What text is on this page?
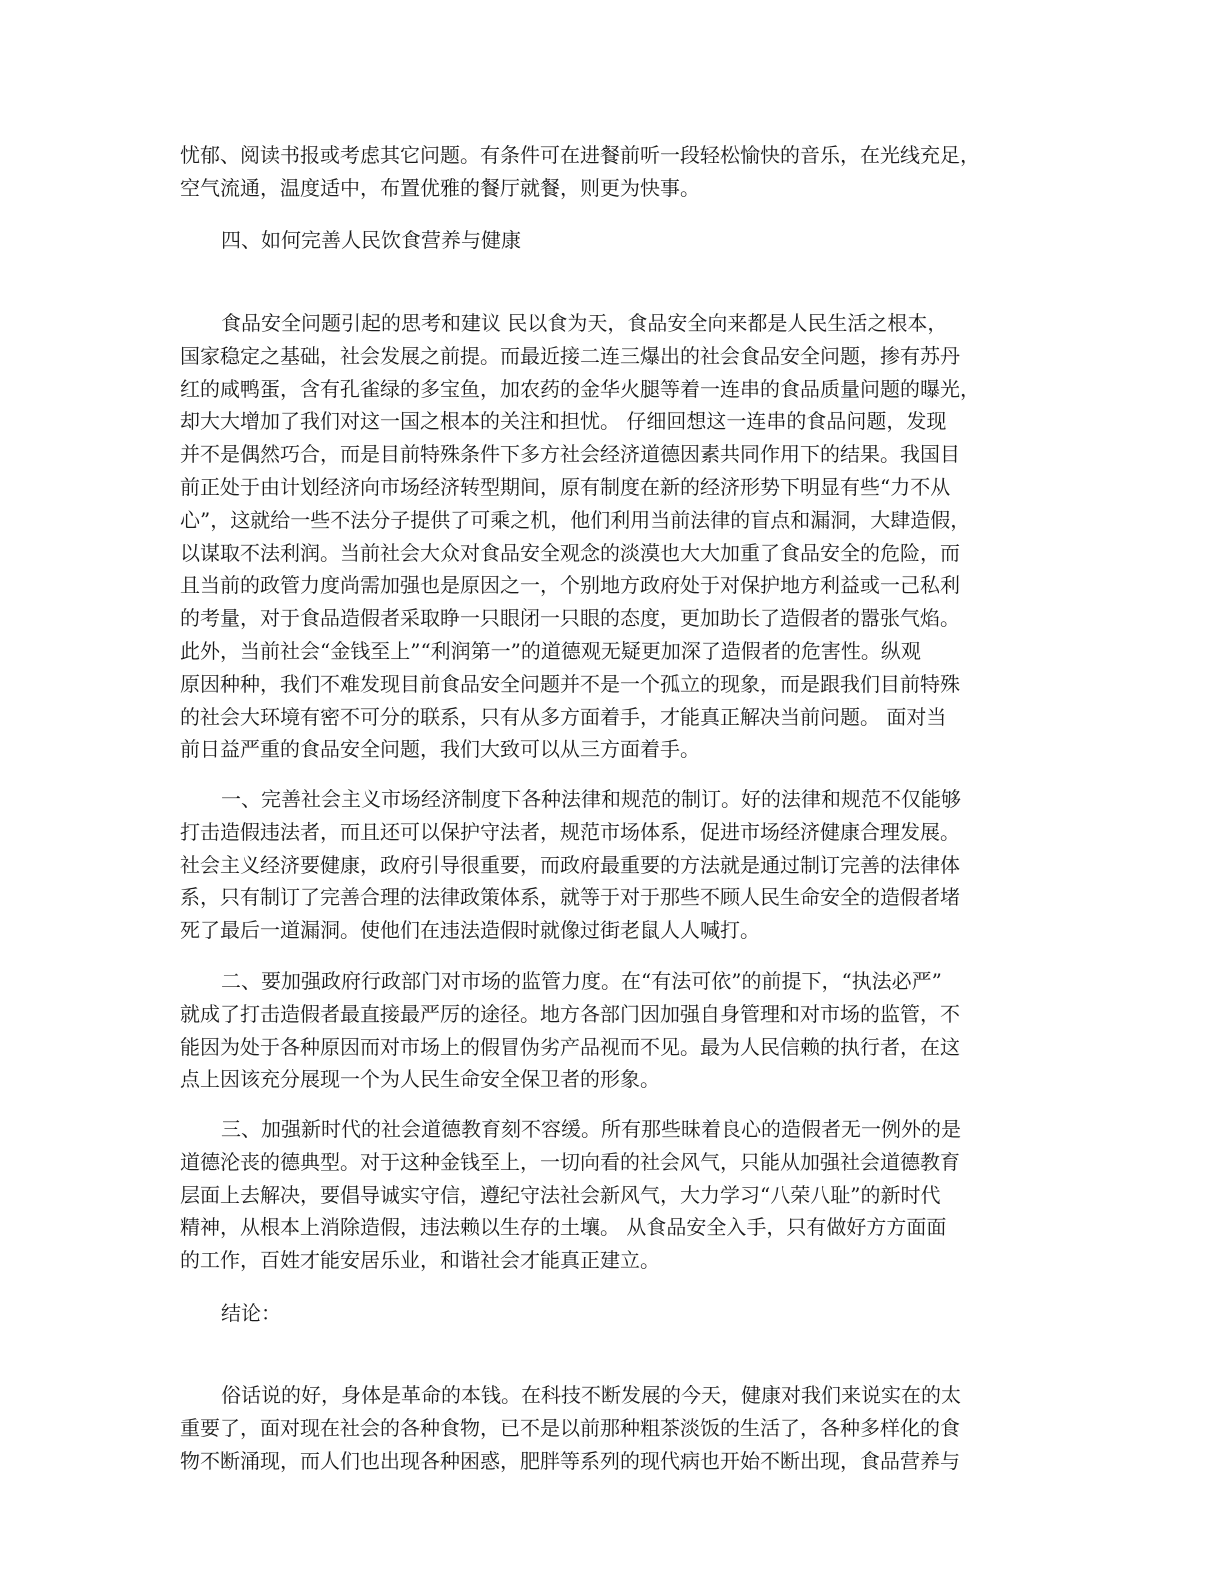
忧郁、阅读书报或考虑其它问题。有条件可在进餐前听一段轻松愉快的音乐，在光线充足，
空气流通，温度适中，布置优雅的餐厅就餐，则更为快事。
四、如何完善人民饮食营养与健康
食品安全问题引起的思考和建议 民以食为天，食品安全向来都是人民生活之根本，
国家稳定之基础，社会发展之前提。而最近接二连三爆出的社会食品安全问题，掺有苏丹
红的咸鸭蛋，含有孔雀绿的多宝鱼，加农药的金华火腿等着一连串的食品质量问题的曝光，
却大大增加了我们对这一国之根本的关注和担忧。 仔细回想这一连串的食品问题，发现
并不是偶然巧合，而是目前特殊条件下多方社会经济道德因素共同作用下的结果。我国目
前正处于由计划经济向市场经济转型期间，原有制度在新的经济形势下明显有些“力不从
心”，这就给一些不法分子提供了可乘之机，他们利用当前法律的盲点和漏洞，大肆造假，
以谋取不法利润。当前社会大众对食品安全观念的淡漠也大大加重了食品安全的危险，而
且当前的政管力度尚需加强也是原因之一，个别地方政府处于对保护地方利益或一己私利
的考量，对于食品造假者采取睁一只眼闭一只眼的态度，更加助长了造假者的嚣张气焰。
此外，当前社会“金钱至上”“利润第一”的道德观无疑更加深了造假者的危害性。纵观
原因种种，我们不难发现目前食品安全问题并不是一个孤立的现象，而是跟我们目前特殊
的社会大环境有密不可分的联系，只有从多方面着手，才能真正解决当前问题。 面对当
前日益严重的食品安全问题，我们大致可以从三方面着手。
一、完善社会主义市场经济制度下各种法律和规范的制订。好的法律和规范不仅能够
打击造假违法者，而且还可以保护守法者，规范市场体系，促进市场经济健康合理发展。
社会主义经济要健康，政府引导很重要，而政府最重要的方法就是通过制订完善的法律体
系，只有制订了完善合理的法律政策体系，就等于对于那些不顾人民生命安全的造假者堵
死了最后一道漏洞。使他们在违法造假时就像过街老鼠人人喊打。
二、要加强政府行政部门对市场的监管力度。在“有法可依”的前提下，“执法必严”
就成了打击造假者最直接最严厉的途径。地方各部门因加强自身管理和对市场的监管，不
能因为处于各种原因而对市场上的假冒伪劣产品视而不见。最为人民信赖的执行者，在这
点上因该充分展现一个为人民生命安全保卫者的形象。
三、加强新时代的社会道德教育刻不容缓。所有那些昧着良心的造假者无一例外的是
道德沦丧的德典型。对于这种金钱至上，一切向看的社会风气，只能从加强社会道德教育
层面上去解决，要倡导诚实守信，遵纪守法社会新风气，大力学习“八荣八耻”的新时代
精神，从根本上消除造假，违法赖以生存的土壤。 从食品安全入手，只有做好方方面面
的工作，百姓才能安居乐业，和谐社会才能真正建立。
结论：
俗话说的好，身体是革命的本钱。在科技不断发展的今天，健康对我们来说实在的太
重要了，面对现在社会的各种食物，已不是以前那种粗茶淡饭的生活了，各种多样化的食
物不断涌现，而人们也出现各种困惑，肥胖等系列的现代病也开始不断出现，食品营养与
